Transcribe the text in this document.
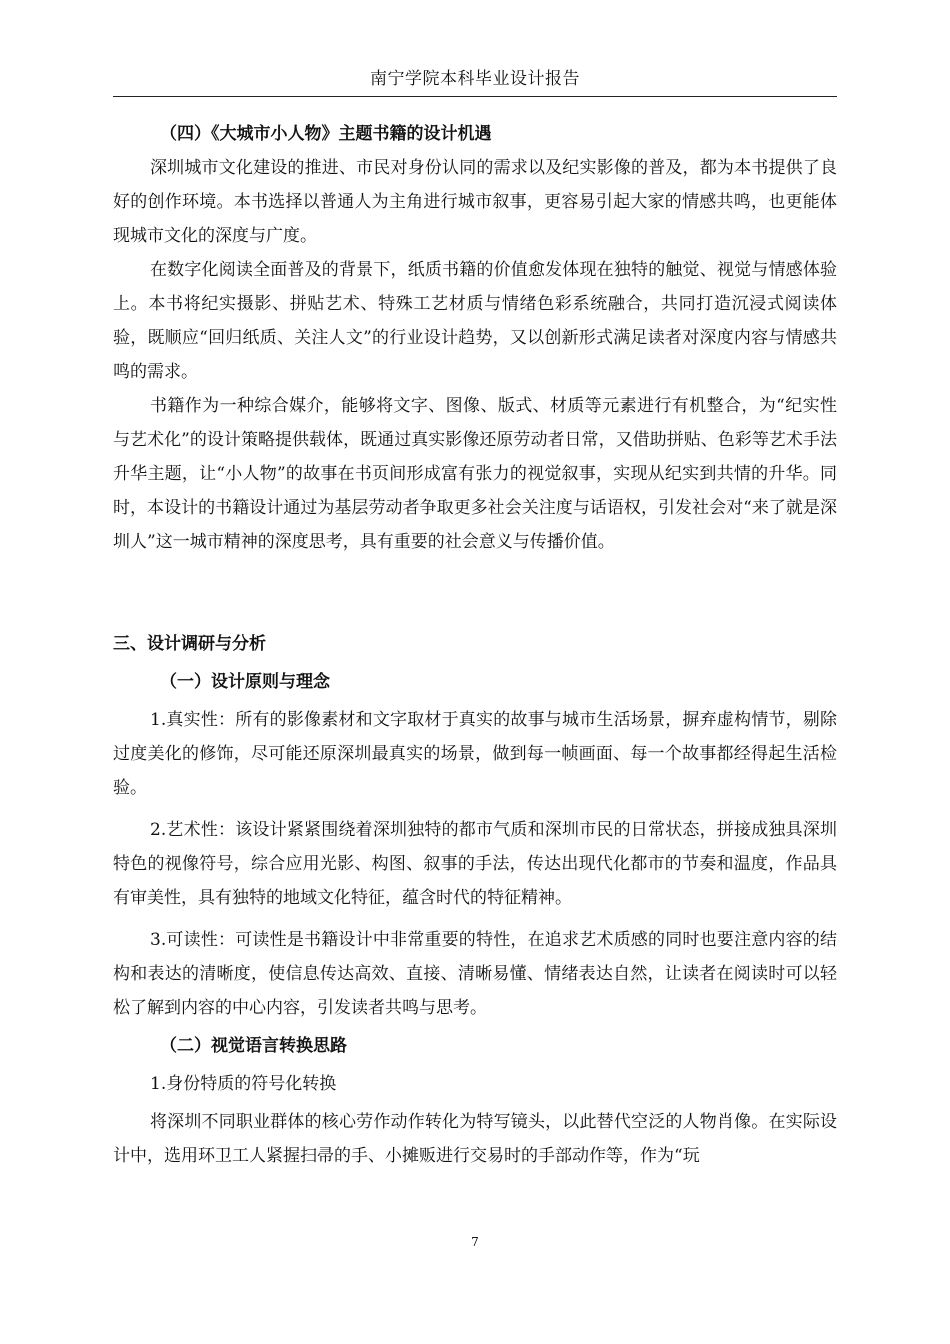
南宁学院本科毕业设计报告

（四）《大城市小人物》主题书籍的设计机遇

深圳城市文化建设的推进、市民对身份认同的需求以及纪实影像的普及，都为本书提供了良好的创作环境。本书选择以普通人为主角进行城市叙事，更容易引起大家的情感共鸣，也更能体现城市文化的深度与广度。

在数字化阅读全面普及的背景下，纸质书籍的价值愈发体现在独特的触觉、视觉与情感体验上。本书将纪实摄影、拼贴艺术、特殊工艺材质与情绪色彩系统融合，共同打造沉浸式阅读体验，既顺应“回归纸质、关注人文”的行业设计趋势，又以创新形式满足读者对深度内容与情感共鸣的需求。

书籍作为一种综合媒介，能够将文字、图像、版式、材质等元素进行有机整合，为“纪实性与艺术化”的设计策略提供载体，既通过真实影像还原劳动者日常，又借助拼贴、色彩等艺术手法升华主题，让“小人物”的故事在书页间形成富有张力的视觉叙事，实现从纪实到共情的升华。同时，本设计的书籍设计通过为基层劳动者争取更多社会关注度与话语权，引发社会对“来了就是深圳人”这一城市精神的深度思考，具有重要的社会意义与传播价值。

三、设计调研与分析

（一）设计原则与理念

1.真实性：所有的影像素材和文字取材于真实的故事与城市生活场景，摒弃虚构情节，剔除过度美化的修饰，尽可能还原深圳最真实的场景，做到每一帧画面、每一个故事都经得起生活检验。

2.艺术性：该设计紧紧围绕着深圳独特的都市气质和深圳市民的日常状态，拼接成独具深圳特色的视像符号，综合应用光影、构图、叙事的手法，传达出现代化都市的节奏和温度，作品具有审美性，具有独特的地域文化特征，蕴含时代的特征精神。

3.可读性：可读性是书籍设计中非常重要的特性，在追求艺术质感的同时也要注意内容的结构和表达的清晰度，使信息传达高效、直接、清晰易懂、情绪表达自然，让读者在阅读时可以轻松了解到内容的中心内容，引发读者共鸣与思考。

（二）视觉语言转换思路

1.身份特质的符号化转换

将深圳不同职业群体的核心劳作动作转化为特写镜头，以此替代空泛的人物肖像。在实际设计中，选用环卫工人紧握扫帚的手、小摊贩进行交易时的手部动作等，作为“玩

7
